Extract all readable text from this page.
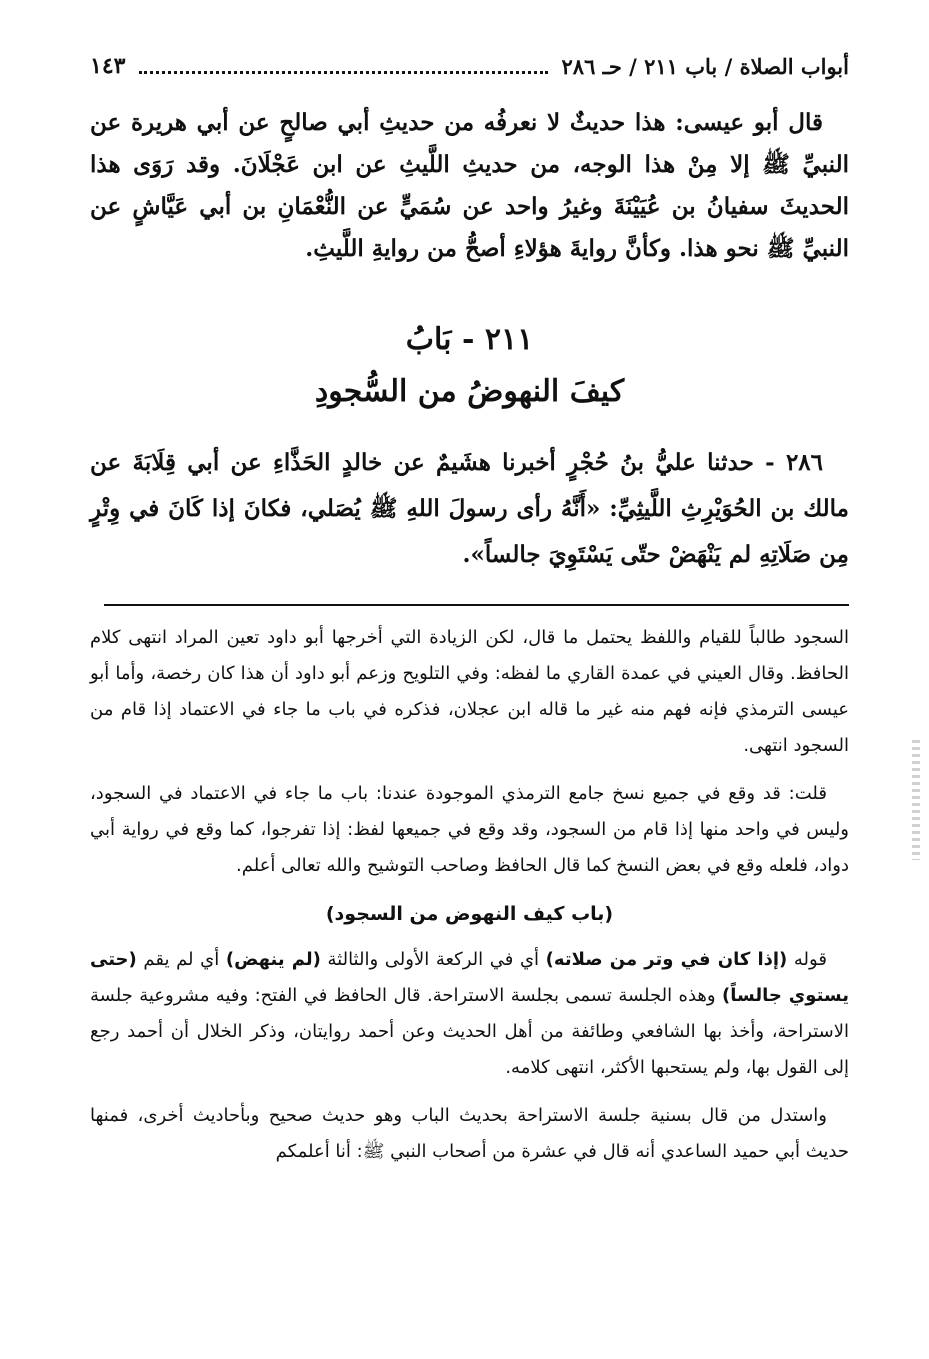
أبواب الصلاة / باب ٢١١ / حـ ٢٨٦
١٤٣

قال أبو عيسى: هذا حديثٌ لا نعرفُه من حديثِ أبي صالحٍ عن أبي هريرة عن النبيِّ ﷺ إلا مِنْ هذا الوجه، من حديثِ اللَّيثِ عن ابن عَجْلَانَ. وقد رَوَى هذا الحديثَ سفيانُ بن عُيَيْنَةَ وغيرُ واحد عن سُمَيٍّ عن النُّعْمَانِ بن أبي عَيَّاشٍ عن النبيِّ ﷺ نحو هذا. وكأنَّ روايةَ هؤلاءِ أصحُّ من روايةِ اللَّيثِ.

٢١١ - بَابُ
كيفَ النهوضُ من السُّجودِ

٢٨٦ - حدثنا عليُّ بنُ حُجْرٍ أخبرنا هشَيمٌ عن خالدٍ الحَذَّاءِ عن أبي قِلَابَةَ عن مالك بن الحُوَيْرِثِ اللَّيثِيِّ: «أَنَّهُ رأى رسولَ اللهِ ﷺ يُصَلي، فكانَ إذا كَانَ في وِتْرٍ مِن صَلَاتِهِ لم يَنْهَضْ حتّى يَسْتَوِيَ جالساً».

السجود طالباً للقيام واللفظ يحتمل ما قال، لكن الزيادة التي أخرجها أبو داود تعين المراد انتهى كلام الحافظ. وقال العيني في عمدة القاري ما لفظه: وفي التلويح وزعم أبو داود أن هذا كان رخصة، وأما أبو عيسى الترمذي فإنه فهم منه غير ما قاله ابن عجلان، فذكره في باب ما جاء في الاعتماد إذا قام من السجود انتهى.

قلت: قد وقع في جميع نسخ جامع الترمذي الموجودة عندنا: باب ما جاء في الاعتماد في السجود، وليس في واحد منها إذا قام من السجود، وقد وقع في جميعها لفظ: إذا تفرجوا، كما وقع في رواية أبي دواد، فلعله وقع في بعض النسخ كما قال الحافظ وصاحب التوشيح والله تعالى أعلم.

(باب كيف النهوض من السجود)

قوله (إذا كان في وتر من صلاته) أي في الركعة الأولى والثالثة (لم ينهض) أي لم يقم (حتى يستوي جالساً) وهذه الجلسة تسمى بجلسة الاستراحة. قال الحافظ في الفتح: وفيه مشروعية جلسة الاستراحة، وأخذ بها الشافعي وطائفة من أهل الحديث وعن أحمد روايتان، وذكر الخلال أن أحمد رجع إلى القول بها، ولم يستحبها الأكثر، انتهى كلامه.

واستدل من قال بسنية جلسة الاستراحة بحديث الباب وهو حديث صحيح وبأحاديث أخرى، فمنها حديث أبي حميد الساعدي أنه قال في عشرة من أصحاب النبي ﷺ: أنا أعلمكم
